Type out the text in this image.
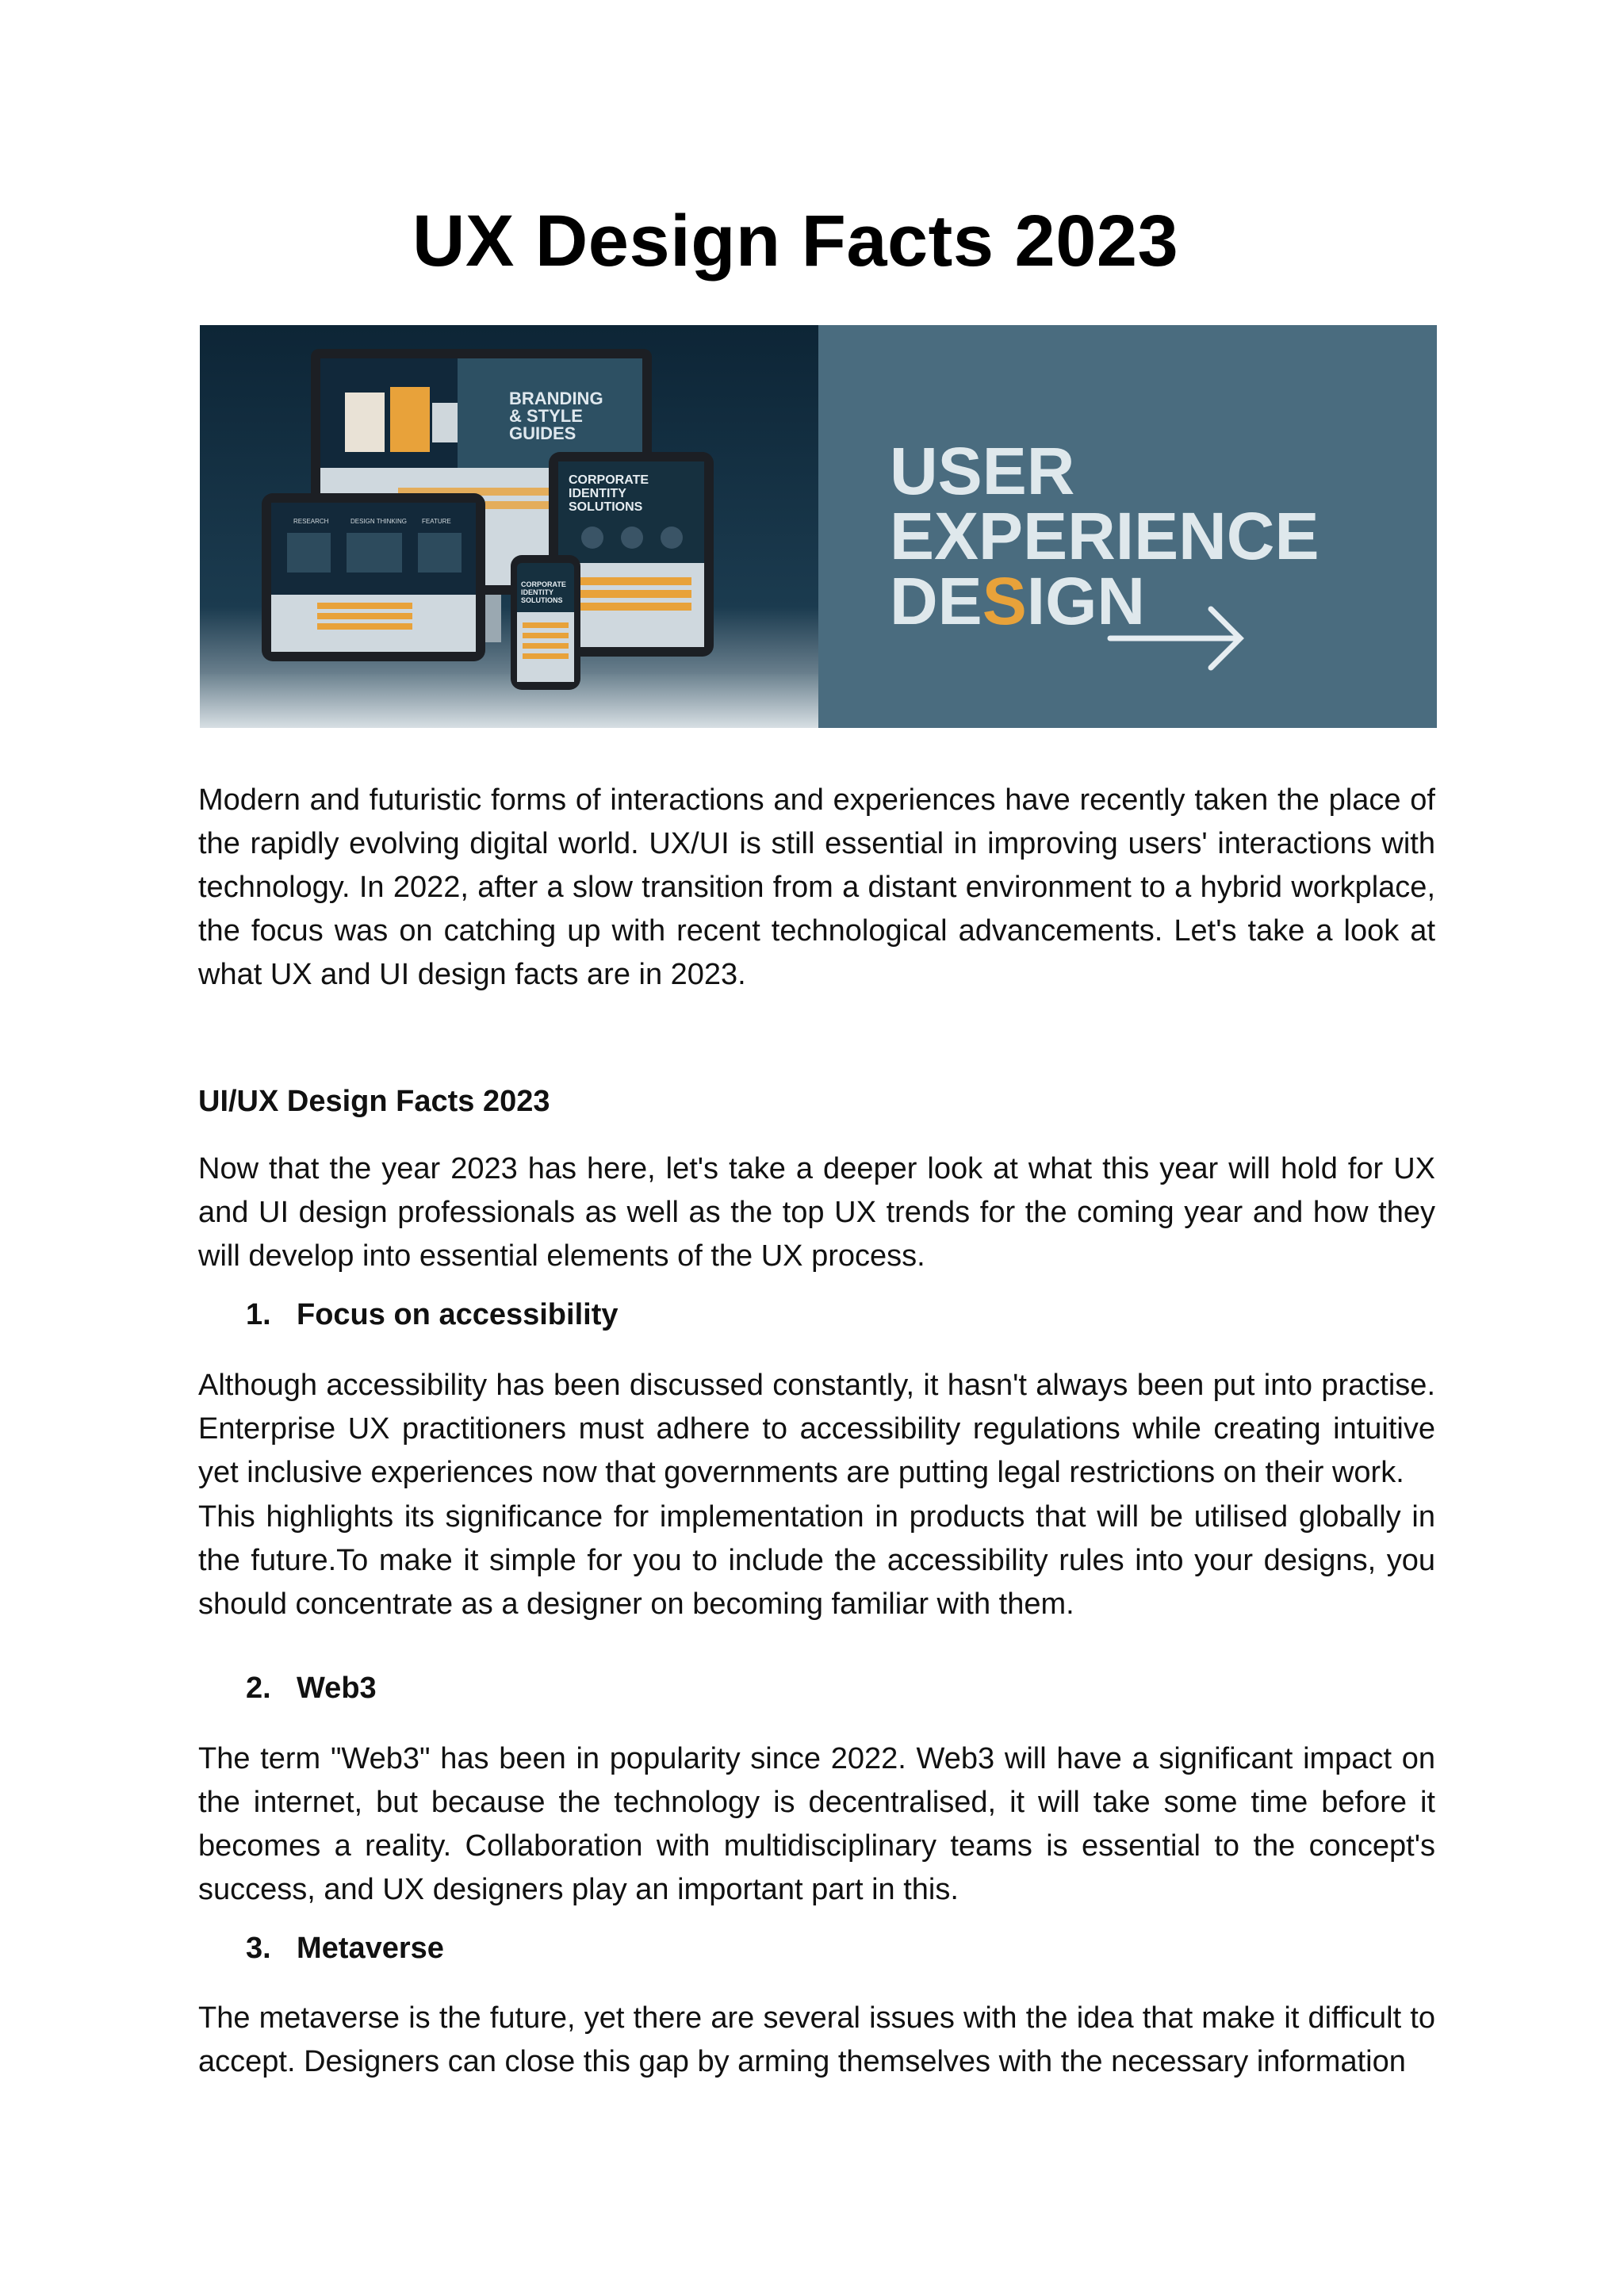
UX Design Facts 2023
BRANDING
& STYLE
GUIDES
RESEARCH	DESIGN THINKING FEATURE
CORPORATE
IDENTITY
SOLUTIONS
CORPORATE
IDENTITY
SOLUTIONS
USER
EXPERIENCE
DESIGN

Modern and futuristic forms of interactions and experiences have recently taken the place of the rapidly evolving digital world. UX/UI is still essential in improving users' interactions with technology. In 2022, after a slow transition from a distant environment to a hybrid workplace, the focus was on catching up with recent technological advancements. Let's take a look at what UX and UI design facts are in 2023.

UI/UX Design Facts 2023

Now that the year 2023 has here, let's take a deeper look at what this year will hold for UX and UI design professionals as well as the top UX trends for the coming year and how they will develop into essential elements of the UX process.

1. Focus on accessibility

Although accessibility has been discussed constantly, it hasn't always been put into practise. Enterprise UX practitioners must adhere to accessibility regulations while creating intuitive yet inclusive experiences now that governments are putting legal restrictions on their work.

This highlights its significance for implementation in products that will be utilised globally in the future.To make it simple for you to include the accessibility rules into your designs, you should concentrate as a designer on becoming familiar with them.

2. Web3

The term "Web3" has been in popularity since 2022. Web3 will have a significant impact on the internet, but because the technology is decentralised, it will take some time before it becomes a reality. Collaboration with multidisciplinary teams is essential to the concept's success, and UX designers play an important part in this.

3. Metaverse

The metaverse is the future, yet there are several issues with the idea that make it difficult to accept. Designers can close this gap by arming themselves with the necessary information
